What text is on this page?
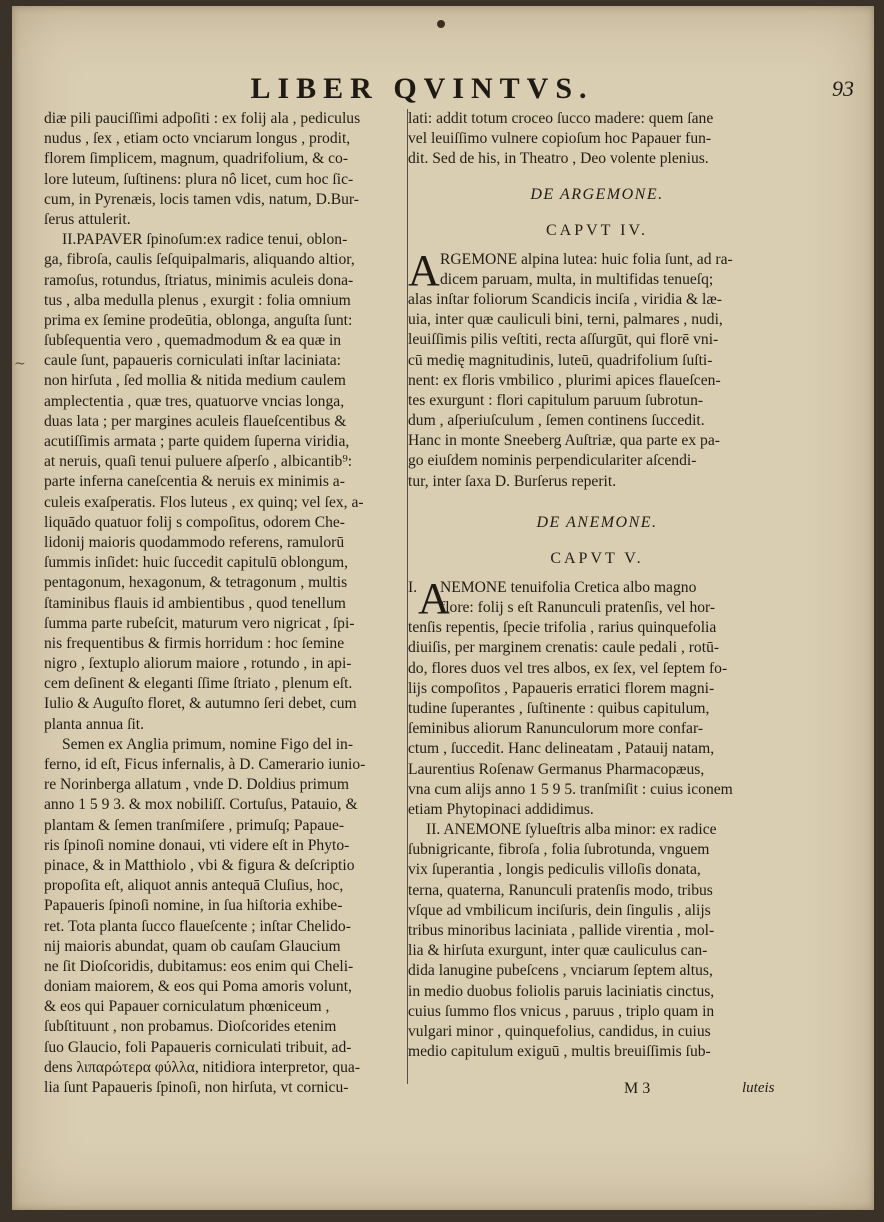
~
LIBER QVINTVS.	93
diæ pili pauciſſimi adpoſiti : ex folij ala , pediculus
nudus , ſex , etiam octo vnciarum longus , prodit,
florem ſimplicem, magnum, quadrifolium, & co-
lore luteum, ſuſtinens: plura nô licet, cum hoc ſic-
cum, in Pyrenæis, locis tamen vdis, natum, D.Bur-
ſerus attulerit.
II.PAPAVER ſpinoſum:ex radice tenui, oblon-
ga, fibroſa, caulis ſeſquipalmaris, aliquando altior,
ramoſus, rotundus, ſtriatus, minimis aculeis dona-
tus , alba medulla plenus , exurgit : folia omnium
prima ex ſemine prodeūtia, oblonga, anguſta ſunt:
ſubſequentia vero , quemadmodum & ea quæ in
caule ſunt, papaueris corniculati inſtar laciniata:
non hirſuta , ſed mollia & nitida medium caulem
amplectentia , quæ tres, quatuorve vncias longa,
duas lata ; per margines aculeis flaueſcentibus &
acutiſſimis armata ; parte quidem ſuperna viridia,
at neruis, quaſi tenui puluere aſperſo , albicantib⁹:
parte inferna caneſcentia & neruis ex minimis a-
culeis exaſperatis. Flos luteus , ex quinq; vel ſex, a-
liquādo quatuor folij s compoſitus, odorem Che-
lidonij maioris quodammodo referens, ramulorū
ſummis inſidet: huic ſuccedit capitulū oblongum,
pentagonum, hexagonum, & tetragonum , multis
ſtaminibus flauis id ambientibus , quod tenellum
ſumma parte rubeſcit, maturum vero nigricat , ſpi-
nis frequentibus & firmis horridum : hoc ſemine
nigro , ſextuplo aliorum maiore , rotundo , in api-
cem deſinent & eleganti ſſime ſtriato , plenum eſt.
Iulio & Auguſto floret, & autumno ſeri debet, cum
planta annua ſit.
Semen ex Anglia primum, nomine Figo del in-
ferno, id eſt, Ficus infernalis, à D. Camerario iunio-
re Norinberga allatum , vnde D. Doldius primum
anno 1 5 9 3. & mox nobiliſſ. Cortuſus, Patauio, &
plantam & ſemen tranſmiſere , primuſq; Papaue-
ris ſpinoſi nomine donaui, vti videre eſt in Phyto-
pinace, & in Matthiolo , vbi & figura & deſcriptio
propoſita eſt, aliquot annis antequā Cluſius, hoc,
Papaueris ſpinoſi nomine, in ſua hiſtoria exhibe-
ret. Tota planta ſucco flaueſcente ; inſtar Chelido-
nij maioris abundat, quam ob cauſam Glaucium
ne ſit Dioſcoridis, dubitamus: eos enim qui Cheli-
doniam maiorem, & eos qui Poma amoris volunt,
& eos qui Papauer corniculatum phœniceum ,
ſubſtituunt , non probamus. Dioſcorides etenim
ſuo Glaucio, foli Papaueris corniculati tribuit, ad-
dens λιπαρώτερα φύλλα, nitidiora interpretor, qua-
lia ſunt Papaueris ſpinoſi, non hirſuta, vt cornicu-
lati: addit totum croceo ſucco madere: quem ſane
vel leuiſſimo vulnere copioſum hoc Papauer fun-
dit. Sed de his, in Theatro , Deo volente plenius.
DE ARGEMONE.
CAPVT IV.
A RGEMONE alpina lutea: huic folia ſunt, ad ra-
dicem paruam, multa, in multifidas tenueſq;
alas inſtar foliorum Scandicis inciſa , viridia & læ-
uia, inter quæ cauliculi bini, terni, palmares , nudi,
leuiſſimis pilis veſtiti, recta aſſurgūt, qui florē vni-
cū medię magnitudinis, luteū, quadrifolium ſuſti-
nent: ex floris vmbilico , plurimi apices flaueſcen-
tes exurgunt : flori capitulum paruum ſubrotun-
dum , aſperiuſculum , ſemen continens ſuccedit.
Hanc in monte Sneeberg Auſtriæ, qua parte ex pa-
go eiuſdem nominis perpendiculariter aſcendi-
tur, inter ſaxa D. Burſerus reperit.
DE ANEMONE.
CAPVT V.
I. A
NEMONE tenuifolia Cretica albo magno
flore: folij s eſt Ranunculi pratenſis, vel hor-
tenſis repentis, ſpecie trifolia , rarius quinquefolia
diuiſis, per marginem crenatis: caule pedali , rotū-
do, flores duos vel tres albos, ex ſex, vel ſeptem fo-
lijs compoſitos , Papaueris erratici florem magni-
tudine ſuperantes , ſuſtinente : quibus capitulum,
ſeminibus aliorum Ranunculorum more confar-
ctum , ſuccedit. Hanc delineatam , Patauij natam,
Laurentius Roſenaw Germanus Pharmacopæus,
vna cum alijs anno 1 5 9 5. tranſmiſit : cuius iconem
etiam Phytopinaci addidimus.
II. ANEMONE ſylueſtris alba minor: ex radice
ſubnigricante, fibroſa , folia ſubrotunda, vnguem
vix ſuperantia , longis pediculis villoſis donata,
terna, quaterna, Ranunculi pratenſis modo, tribus
vſque ad vmbilicum inciſuris, dein ſingulis , alijs
tribus minoribus laciniata , pallide virentia , mol-
lia & hirſuta exurgunt, inter quæ cauliculus can-
dida lanugine pubeſcens , vnciarum ſeptem altus,
in medio duobus foliolis paruis laciniatis cinctus,
cuius ſummo flos vnicus , paruus , triplo quam in
vulgari minor , quinquefolius, candidus, in cuius
medio capitulum exiguū , multis breuiſſimis ſub-
M 3	luteis
